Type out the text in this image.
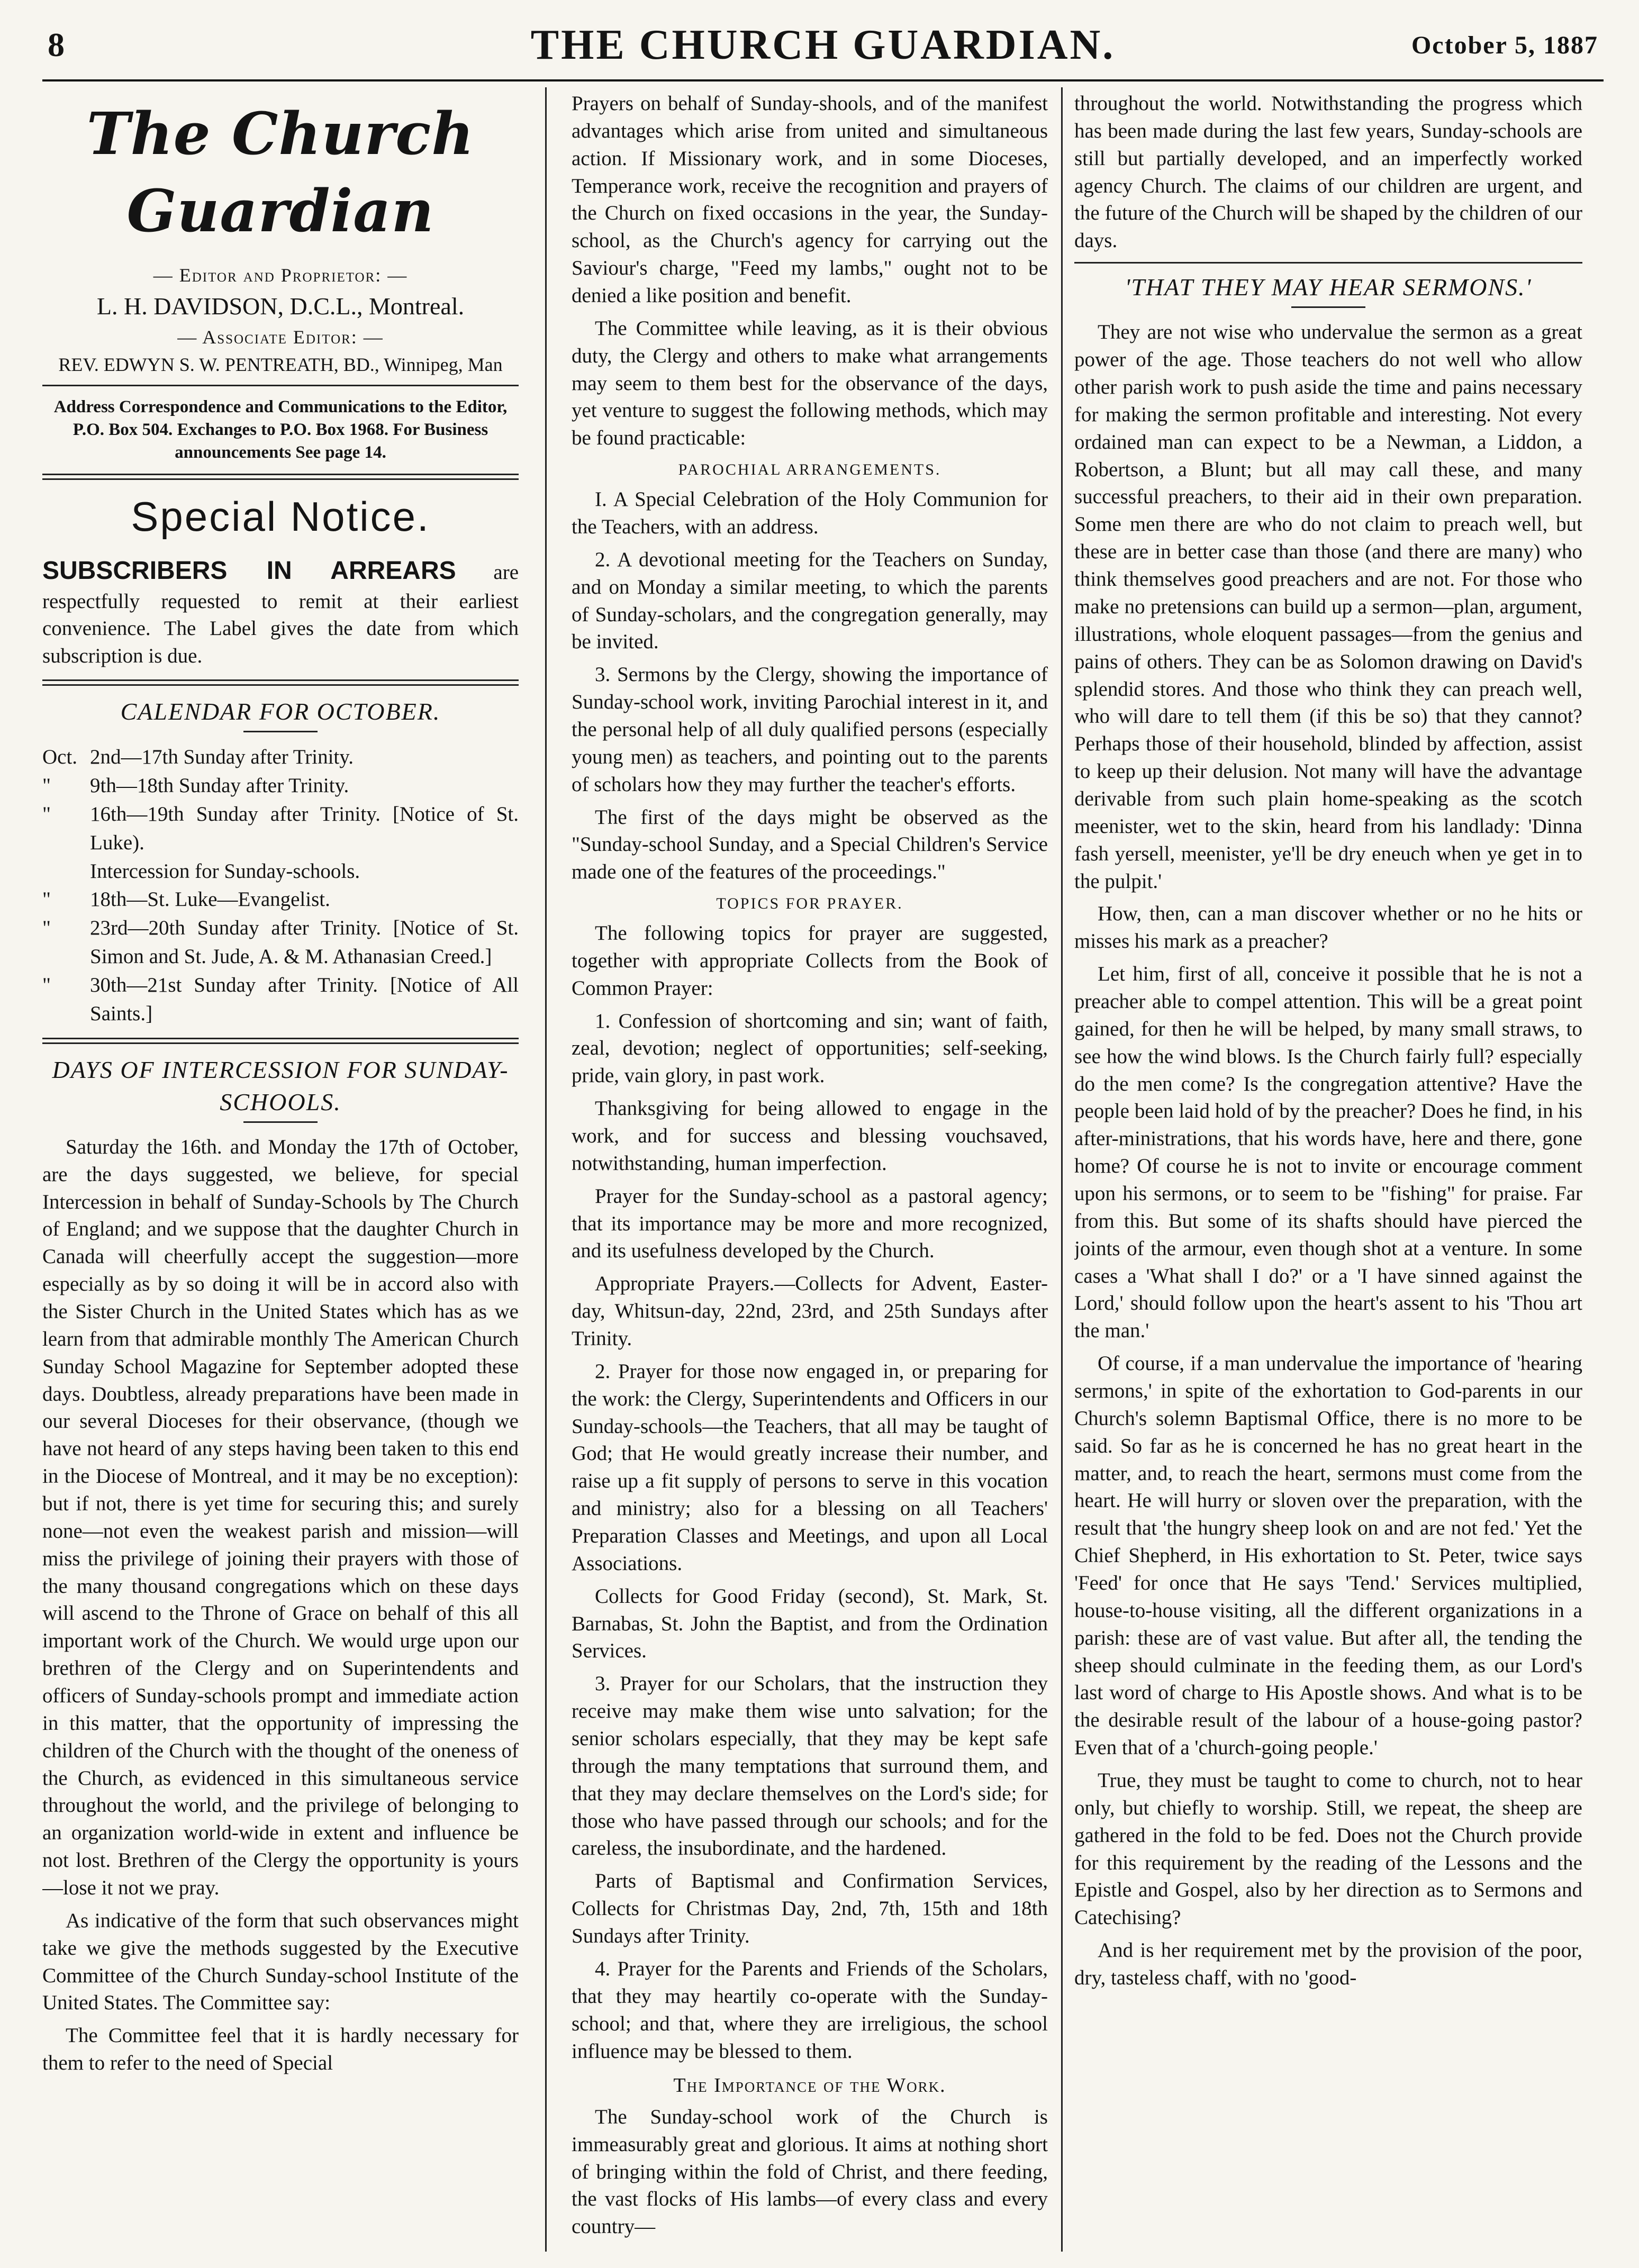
8	THE CHURCH GUARDIAN.	October 5, 1887
The Church Guardian
— Editor and Proprietor: —
L. H. DAVIDSON, D.C.L., Montreal.
— Associate Editor: —
REV. EDWYN S. W. PENTREATH, BD., Winnipeg, Man
Address Correspondence and Communications to the Editor, P.O. Box 504. Exchanges to P.O. Box 1968. For Business announcements See page 14.
Special Notice.

SUBSCRIBERS IN ARREARS are respectfully requested to remit at their earliest convenience. The Label gives the date from which subscription is due.

CALENDAR FOR OCTOBER.
Oct. 2nd—17th Sunday after Trinity.
"	9th—18th Sunday after Trinity.
"	16th—19th Sunday after Trinity. [Notice of St. Luke).
Intercession for Sunday-schools.
"	18th—St. Luke—Evangelist.
"	23rd—20th Sunday after Trinity. [Notice of St. Simon and St. Jude, A. & M. Athanasian Creed.]
"	30th—21st Sunday after Trinity. [Notice of All Saints.]
DAYS OF INTERCESSION FOR SUNDAY-SCHOOLS.

Saturday the 16th. and Monday the 17th of October, are the days suggested, we believe, for special Intercession in behalf of Sunday-Schools by The Church of England; and we suppose that the daughter Church in Canada will cheerfully accept the suggestion—more especially as by so doing it will be in accord also with the Sister Church in the United States which has as we learn from that admirable monthly The American Church Sunday School Magazine for September adopted these days. Doubtless, already preparations have been made in our several Dioceses for their observance, (though we have not heard of any steps having been taken to this end in the Diocese of Montreal, and it may be no exception): but if not, there is yet time for securing this; and surely none—not even the weakest parish and mission—will miss the privilege of joining their prayers with those of the many thousand congregations which on these days will ascend to the Throne of Grace on behalf of this all important work of the Church. We would urge upon our brethren of the Clergy and on Superintendents and officers of Sunday-schools prompt and immediate action in this matter, that the opportunity of impressing the children of the Church with the thought of the oneness of the Church, as evidenced in this simultaneous service throughout the world, and the privilege of belonging to an organization world-wide in extent and influence be not lost. Brethren of the Clergy the opportunity is yours—lose it not we pray.

As indicative of the form that such observances might take we give the methods suggested by the Executive Committee of the Church Sunday-school Institute of the United States. The Committee say:

The Committee feel that it is hardly necessary for them to refer to the need of Special

Prayers on behalf of Sunday-shools, and of the manifest advantages which arise from united and simultaneous action. If Missionary work, and in some Dioceses, Temperance work, receive the recognition and prayers of the Church on fixed occasions in the year, the Sunday-school, as the Church's agency for carrying out the Saviour's charge, "Feed my lambs," ought not to be denied a like position and benefit.

The Committee while leaving, as it is their obvious duty, the Clergy and others to make what arrangements may seem to them best for the observance of the days, yet venture to suggest the following methods, which may be found practicable:

PAROCHIAL ARRANGEMENTS.

I. A Special Celebration of the Holy Communion for the Teachers, with an address.

2. A devotional meeting for the Teachers on Sunday, and on Monday a similar meeting, to which the parents of Sunday-scholars, and the congregation generally, may be invited.

3. Sermons by the Clergy, showing the importance of Sunday-school work, inviting Parochial interest in it, and the personal help of all duly qualified persons (especially young men) as teachers, and pointing out to the parents of scholars how they may further the teacher's efforts.

The first of the days might be observed as the "Sunday-school Sunday, and a Special Children's Service made one of the features of the proceedings."

TOPICS FOR PRAYER.

The following topics for prayer are suggested, together with appropriate Collects from the Book of Common Prayer:

1. Confession of shortcoming and sin; want of faith, zeal, devotion; neglect of opportunities; self-seeking, pride, vain glory, in past work.

Thanksgiving for being allowed to engage in the work, and for success and blessing vouchsaved, notwithstanding, human imperfection.

Prayer for the Sunday-school as a pastoral agency; that its importance may be more and more recognized, and its usefulness developed by the Church.

Appropriate Prayers.—Collects for Advent, Easter-day, Whitsun-day, 22nd, 23rd, and 25th Sundays after Trinity.

2. Prayer for those now engaged in, or preparing for the work: the Clergy, Superintendents and Officers in our Sunday-schools—the Teachers, that all may be taught of God; that He would greatly increase their number, and raise up a fit supply of persons to serve in this vocation and ministry; also for a blessing on all Teachers' Preparation Classes and Meetings, and upon all Local Associations.

Collects for Good Friday (second), St. Mark, St. Barnabas, St. John the Baptist, and from the Ordination Services.

3. Prayer for our Scholars, that the instruction they receive may make them wise unto salvation; for the senior scholars especially, that they may be kept safe through the many temptations that surround them, and that they may declare themselves on the Lord's side; for those who have passed through our schools; and for the careless, the insubordinate, and the hardened.

Parts of Baptismal and Confirmation Services, Collects for Christmas Day, 2nd, 7th, 15th and 18th Sundays after Trinity.

4. Prayer for the Parents and Friends of the Scholars, that they may heartily co-operate with the Sunday-school; and that, where they are irreligious, the school influence may be blessed to them.

The Importance of the Work.

The Sunday-school work of the Church is immeasurably great and glorious. It aims at nothing short of bringing within the fold of Christ, and there feeding, the vast flocks of His lambs—of every class and every country—

throughout the world. Notwithstanding the progress which has been made during the last few years, Sunday-schools are still but partially developed, and an imperfectly worked agency Church. The claims of our children are urgent, and the future of the Church will be shaped by the children of our days.

'THAT THEY MAY HEAR SERMONS.'

They are not wise who undervalue the sermon as a great power of the age. Those teachers do not well who allow other parish work to push aside the time and pains necessary for making the sermon profitable and interesting. Not every ordained man can expect to be a Newman, a Liddon, a Robertson, a Blunt; but all may call these, and many successful preachers, to their aid in their own preparation. Some men there are who do not claim to preach well, but these are in better case than those (and there are many) who think themselves good preachers and are not. For those who make no pretensions can build up a sermon—plan, argument, illustrations, whole eloquent passages—from the genius and pains of others. They can be as Solomon drawing on David's splendid stores. And those who think they can preach well, who will dare to tell them (if this be so) that they cannot? Perhaps those of their household, blinded by affection, assist to keep up their delusion. Not many will have the advantage derivable from such plain home-speaking as the scotch meenister, wet to the skin, heard from his landlady: 'Dinna fash yersell, meenister, ye'll be dry eneuch when ye get in to the pulpit.'

How, then, can a man discover whether or no he hits or misses his mark as a preacher?

Let him, first of all, conceive it possible that he is not a preacher able to compel attention. This will be a great point gained, for then he will be helped, by many small straws, to see how the wind blows. Is the Church fairly full? especially do the men come? Is the congregation attentive? Have the people been laid hold of by the preacher? Does he find, in his after-ministrations, that his words have, here and there, gone home? Of course he is not to invite or encourage comment upon his sermons, or to seem to be "fishing" for praise. Far from this. But some of its shafts should have pierced the joints of the armour, even though shot at a venture. In some cases a 'What shall I do?' or a 'I have sinned against the Lord,' should follow upon the heart's assent to his 'Thou art the man.'

Of course, if a man undervalue the importance of 'hearing sermons,' in spite of the exhortation to God-parents in our Church's solemn Baptismal Office, there is no more to be said. So far as he is concerned he has no great heart in the matter, and, to reach the heart, sermons must come from the heart. He will hurry or sloven over the preparation, with the result that 'the hungry sheep look on and are not fed.' Yet the Chief Shepherd, in His exhortation to St. Peter, twice says 'Feed' for once that He says 'Tend.' Services multiplied, house-to-house visiting, all the different organizations in a parish: these are of vast value. But after all, the tending the sheep should culminate in the feeding them, as our Lord's last word of charge to His Apostle shows. And what is to be the desirable result of the labour of a house-going pastor? Even that of a 'church-going people.'

True, they must be taught to come to church, not to hear only, but chiefly to worship. Still, we repeat, the sheep are gathered in the fold to be fed. Does not the Church provide for this requirement by the reading of the Lessons and the Epistle and Gospel, also by her direction as to Sermons and Catechising?

And is her requirement met by the provision of the poor, dry, tasteless chaff, with no 'good-
